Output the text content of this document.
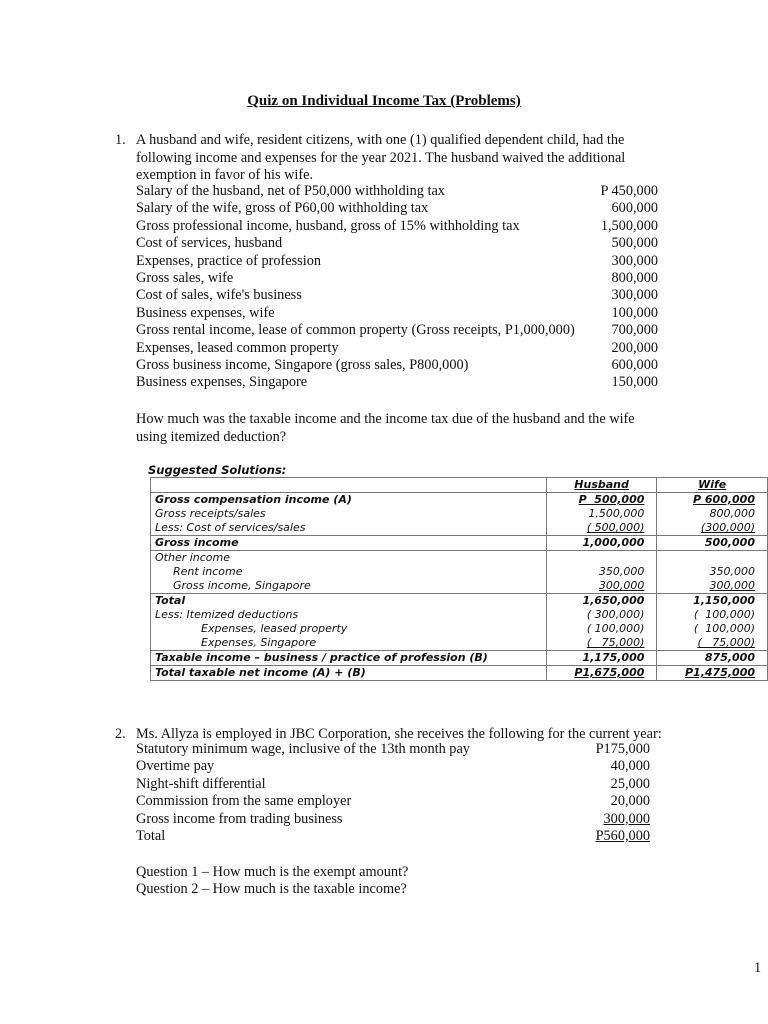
Quiz on Individual Income Tax (Problems)
1. A husband and wife, resident citizens, with one (1) qualified dependent child, had the following income and expenses for the year 2021. The husband waived the additional exemption in favor of his wife.
Salary of the husband, net of P50,000 withholding tax	P 450,000
Salary of the wife, gross of P60,00 withholding tax	600,000
Gross professional income, husband, gross of 15% withholding tax	1,500,000
Cost of services, husband	500,000
Expenses, practice of profession	300,000
Gross sales, wife	800,000
Cost of sales, wife's business	300,000
Business expenses, wife	100,000
Gross rental income, lease of common property (Gross receipts, P1,000,000)	700,000
Expenses, leased common property	200,000
Gross business income, Singapore (gross sales, P800,000)	600,000
Business expenses, Singapore	150,000
How much was the taxable income and the income tax due of the husband and the wife using itemized deduction?
Suggested Solutions:
	Husband	Wife
Gross compensation income (A)	P  500,000	P 600,000
Gross receipts/sales	1,500,000	800,000
Less: Cost of services/sales	( 500,000)	(300,000)
Gross income	1,000,000	500,000
Other income		
Rent income	350,000	350,000
Gross income, Singapore	300,000	300,000
Total	1,650,000	1,150,000
Less: Itemized deductions	( 300,000)	(  100,000)
Expenses, leased property	( 100,000)	(  100,000)
Expenses, Singapore	(   75,000)	(   75,000)
Taxable income – business / practice of profession (B)	1,175,000	875,000
Total taxable net income (A) + (B)	P1,675,000	P1,475,000
2. Ms. Allyza is employed in JBC Corporation, she receives the following for the current year:
Statutory minimum wage, inclusive of the 13th month pay	P175,000
Overtime pay	40,000
Night-shift differential	25,000
Commission from the same employer	20,000
Gross income from trading business	300,000
Total	P560,000
Question 1 – How much is the exempt amount?
Question 2 – How much is the taxable income?
1
